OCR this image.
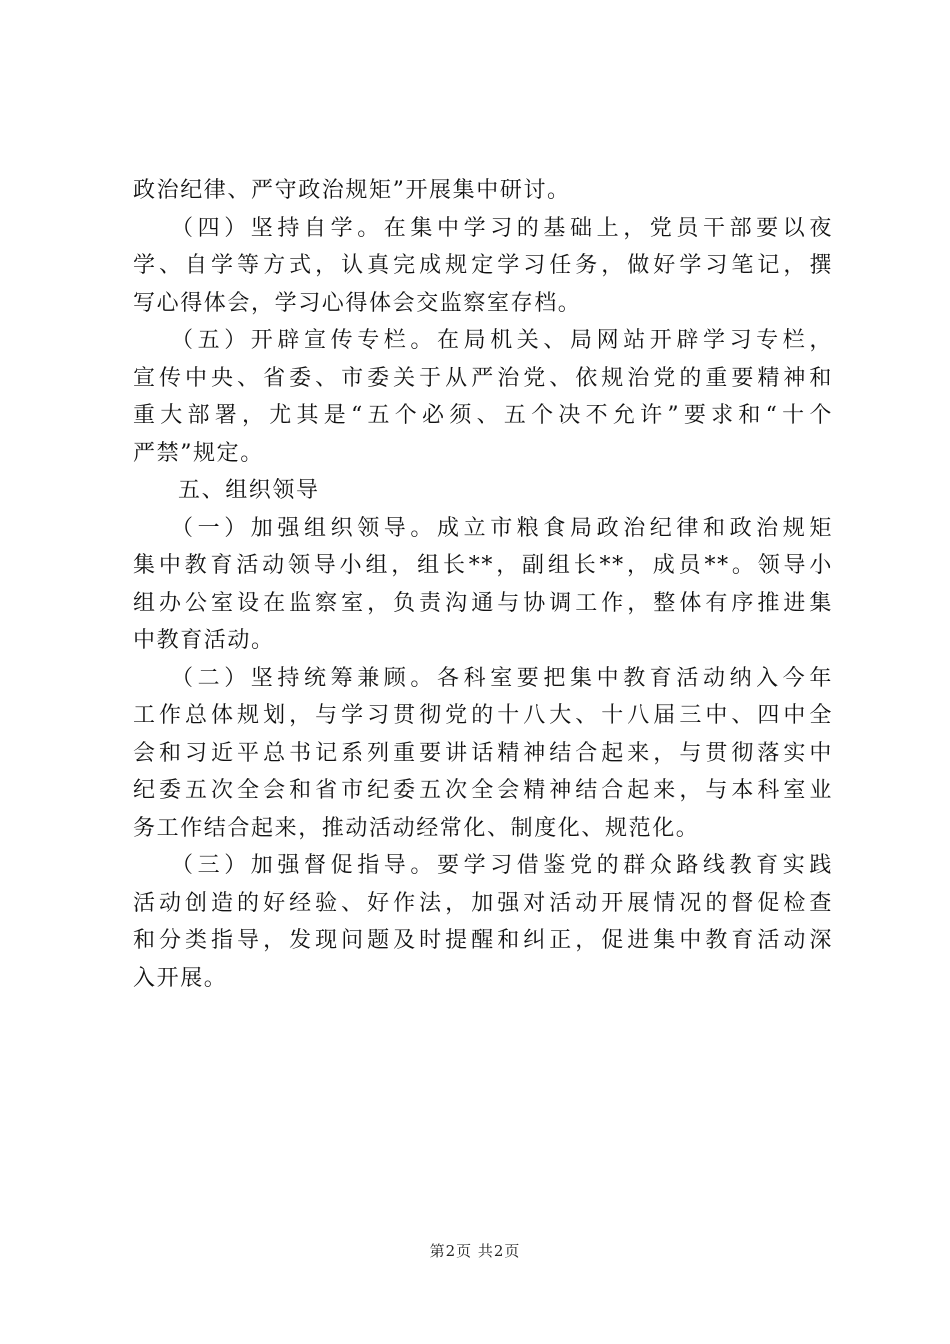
政治纪律、严守政治规矩”开展集中研讨。
（四）坚持自学。在集中学习的基础上，党员干部要以夜
学、自学等方式，认真完成规定学习任务，做好学习笔记，撰
写心得体会，学习心得体会交监察室存档。
（五）开辟宣传专栏。在局机关、局网站开辟学习专栏，
宣传中央、省委、市委关于从严治党、依规治党的重要精神和
重大部署，尤其是“五个必须、五个决不允许”要求和“十个
严禁”规定。
五、组织领导
（一）加强组织领导。成立市粮食局政治纪律和政治规矩
集中教育活动领导小组，组长**，副组长**，成员**。领导小
组办公室设在监察室，负责沟通与协调工作，整体有序推进集
中教育活动。
（二）坚持统筹兼顾。各科室要把集中教育活动纳入今年
工作总体规划，与学习贯彻党的十八大、十八届三中、四中全
会和习近平总书记系列重要讲话精神结合起来，与贯彻落实中
纪委五次全会和省市纪委五次全会精神结合起来，与本科室业
务工作结合起来，推动活动经常化、制度化、规范化。
（三）加强督促指导。要学习借鉴党的群众路线教育实践
活动创造的好经验、好作法，加强对活动开展情况的督促检查
和分类指导，发现问题及时提醒和纠正，促进集中教育活动深
入开展。
第2页 共2页
